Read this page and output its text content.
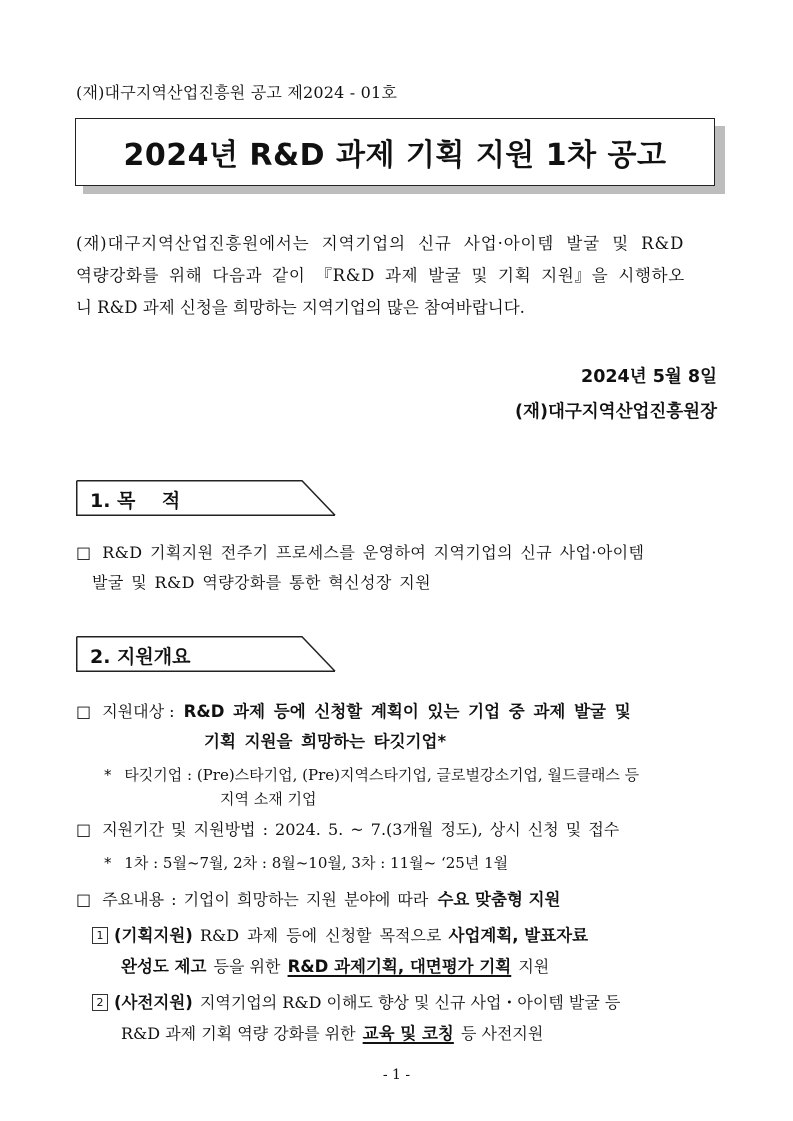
(재)대구지역산업진흥원 공고 제2024 - 01호
2024년 R&D 과제 기획 지원 1차 공고
(재)대구지역산업진흥원에서는 지역기업의 신규 사업·아이템 발굴 및 R&D
역량강화를 위해 다음과 같이 『R&D 과제 발굴 및 기획 지원』을 시행하오
니 R&D 과제 신청을 희망하는 지역기업의 많은 참여바랍니다.
2024년 5월 8일
(재)대구지역산업진흥원장
1. 목    적
□ R&D 기획지원 전주기 프로세스를 운영하여 지역기업의 신규 사업·아이템
발굴 및 R&D 역량강화를 통한 혁신성장 지원
2. 지원개요
□ 지원대상 : R&D 과제 등에 신청할 계획이 있는 기업 중 과제 발굴 및
기획 지원을 희망하는 타깃기업*
* 타깃기업 : (Pre)스타기업, (Pre)지역스타기업, 글로벌강소기업, 월드클래스 등
지역 소재 기업
□ 지원기간 및 지원방법 : 2024. 5. ~ 7.(3개월 정도), 상시 신청 및 접수
* 1차 : 5월~7월, 2차 : 8월~10월, 3차 : 11월~ ‘25년 1월
□ 주요내용 : 기업이 희망하는 지원 분야에 따라 수요 맞춤형 지원
1 (기획지원) R&D 과제 등에 신청할 목적으로 사업계획, 발표자료
완성도 제고 등을 위한 R&D 과제기획, 대면평가 기획 지원
2 (사전지원) 지역기업의 R&D 이해도 향상 및 신규 사업・아이템 발굴 등
R&D 과제 기획 역량 강화를 위한 교육 및 코칭 등 사전지원
- 1 -
